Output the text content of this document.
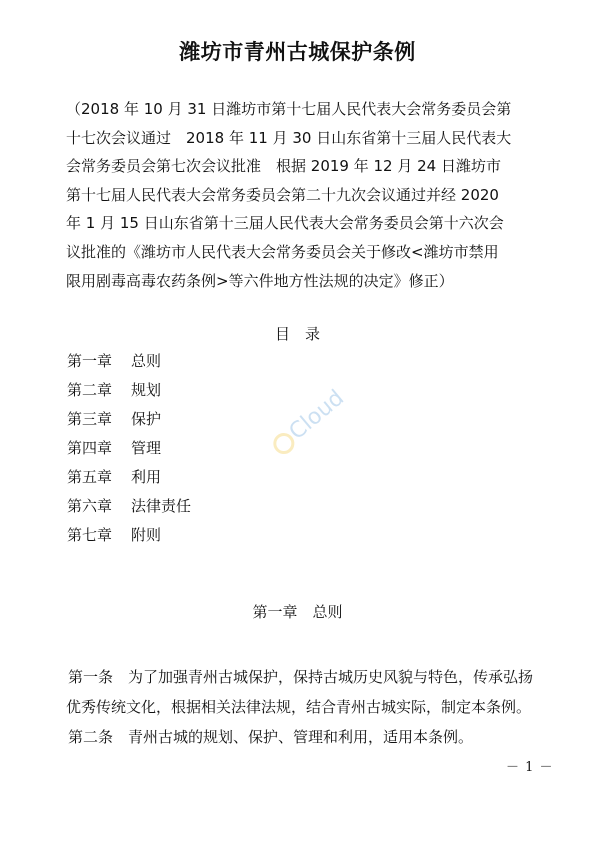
潍坊市青州古城保护条例
（2018 年 10 月 31 日潍坊市第十七届人民代表大会常务委员会第
十七次会议通过　2018 年 11 月 30 日山东省第十三届人民代表大
会常务委员会第七次会议批准　根据 2019 年 12 月 24 日潍坊市
第十七届人民代表大会常务委员会第二十九次会议通过并经 2020
年 1 月 15 日山东省第十三届人民代表大会常务委员会第十六次会
议批准的《潍坊市人民代表大会常务委员会关于修改<潍坊市禁用
限用剧毒高毒农药条例>等六件地方性法规的决定》修正）
目　录
第一章 总则
第二章 规划
第三章 保护
第四章 管理
第五章 利用
第六章 法律责任
第七章 附则
Cloud
第一章　总则
第一条　为了加强青州古城保护，保持古城历史风貌与特色，传承弘扬
优秀传统文化，根据相关法律法规，结合青州古城实际，制定本条例。
第二条　青州古城的规划、保护、管理和利用，适用本条例。
－ 1 －
